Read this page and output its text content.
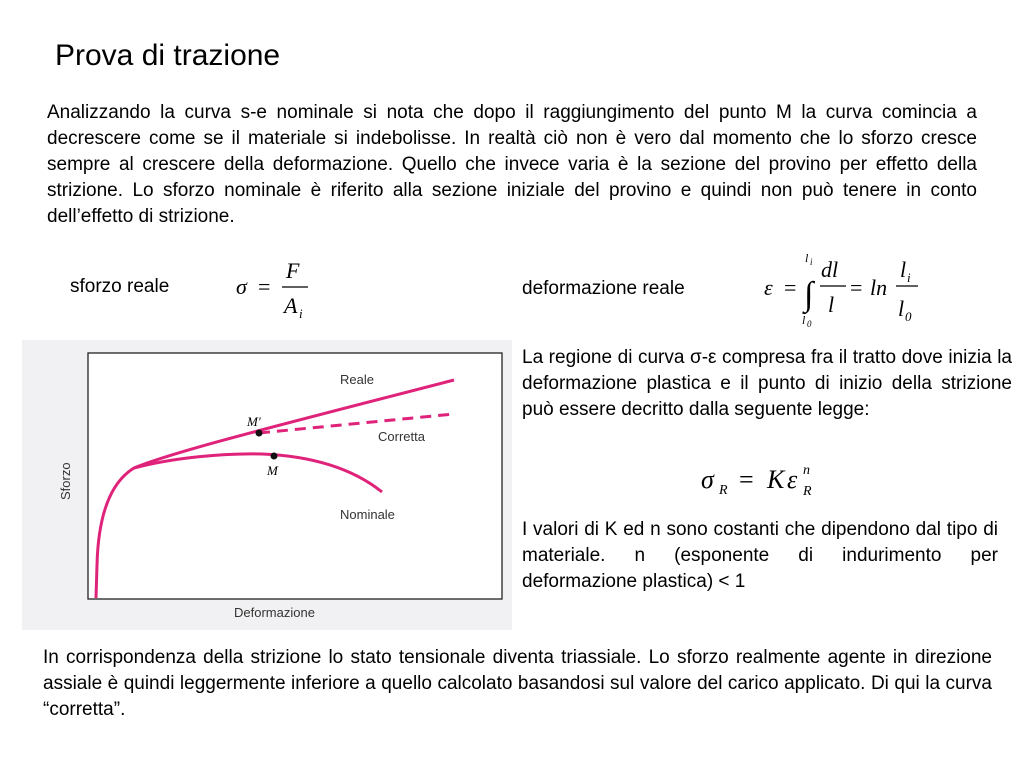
Prova di trazione
Analizzando la curva s-e nominale si nota che dopo il raggiungimento del punto M la curva comincia a decrescere come se il materiale si indebolisse. In realtà ciò non è vero dal momento che lo sforzo cresce sempre al crescere della deformazione. Quello che invece varia è la sezione del provino per effetto della strizione. Lo sforzo nominale è riferito alla sezione iniziale del provino e quindi non può tenere in conto dell’effetto di strizione.
sforzo reale	σ =
F
A i
deformazione reale	ε =
l i
∫
l 0
dl
l
= ln
l i
l 0
M'
M
Reale
Corretta
Nominale
Deformazione
Sforzo
La regione di curva σ-ε compresa fra il tratto dove inizia la deformazione plastica e il punto di inizio della strizione può essere decritto dalla seguente legge:
σ R = K ε n
R
I valori di K ed n sono costanti che dipendono dal tipo di materiale. n (esponente di indurimento per deformazione plastica) < 1
In corrispondenza della strizione lo stato tensionale diventa triassiale. Lo sforzo realmente agente in direzione assiale è quindi leggermente inferiore a quello calcolato basandosi sul valore del carico applicato. Di qui la curva “corretta”.
